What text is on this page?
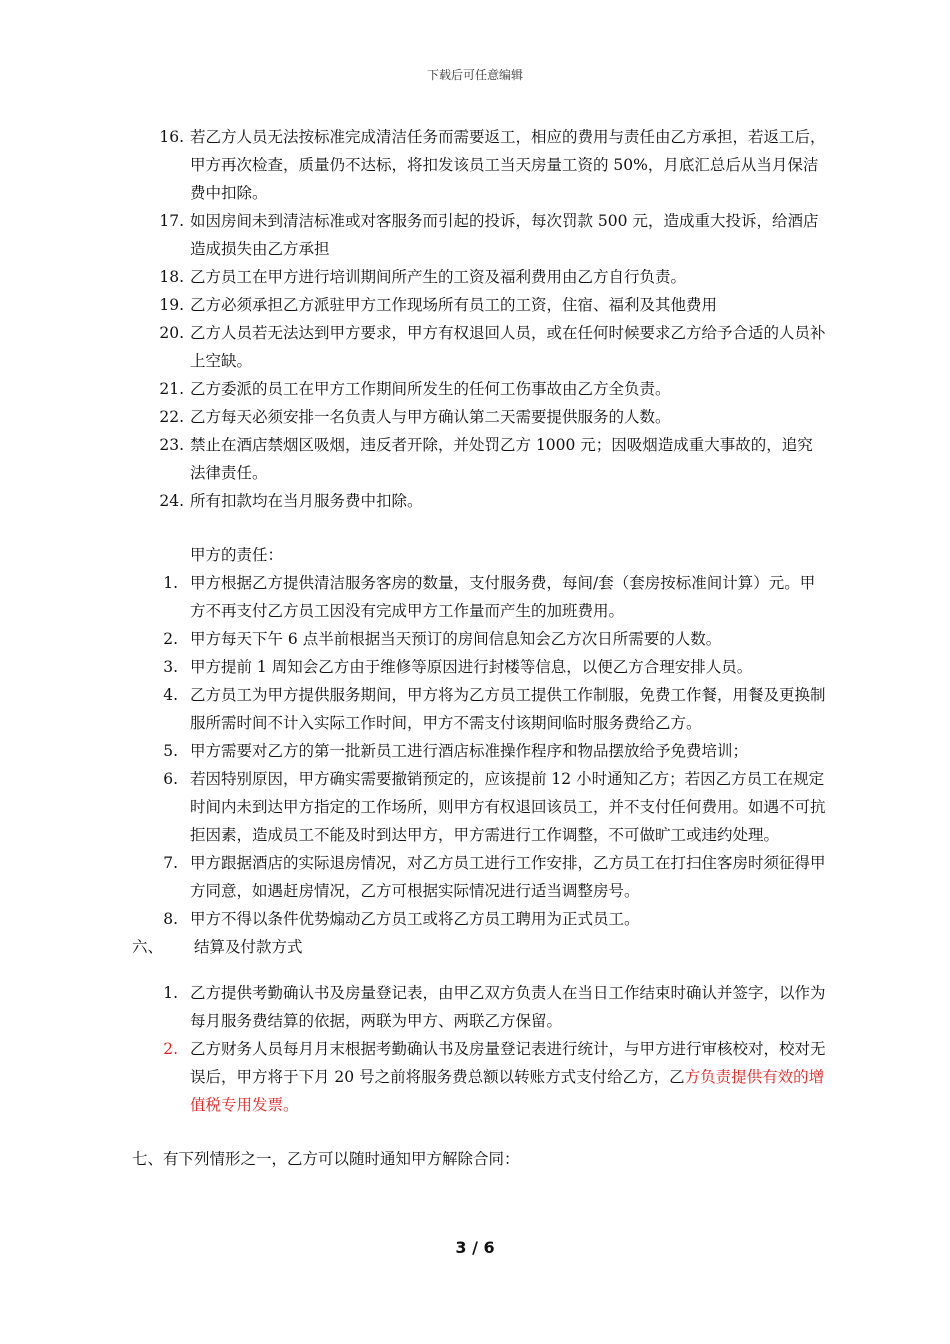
下载后可任意编辑
16. 若乙方人员无法按标准完成清洁任务而需要返工，相应的费用与责任由乙方承担，若返工后，甲方再次检查，质量仍不达标，将扣发该员工当天房量工资的 50%，月底汇总后从当月保洁费中扣除。
17. 如因房间未到清洁标准或对客服务而引起的投诉，每次罚款 500 元，造成重大投诉，给酒店造成损失由乙方承担
18. 乙方员工在甲方进行培训期间所产生的工资及福利费用由乙方自行负责。
19. 乙方必须承担乙方派驻甲方工作现场所有员工的工资，住宿、福利及其他费用
20. 乙方人员若无法达到甲方要求，甲方有权退回人员，或在任何时候要求乙方给予合适的人员补上空缺。
21. 乙方委派的员工在甲方工作期间所发生的任何工伤事故由乙方全负责。
22. 乙方每天必须安排一名负责人与甲方确认第二天需要提供服务的人数。
23. 禁止在酒店禁烟区吸烟，违反者开除，并处罚乙方 1000 元；因吸烟造成重大事故的，追究法律责任。
24. 所有扣款均在当月服务费中扣除。
甲方的责任：
1. 甲方根据乙方提供清洁服务客房的数量，支付服务费，每间/套（套房按标准间计算）元。甲方不再支付乙方员工因没有完成甲方工作量而产生的加班费用。
2. 甲方每天下午 6 点半前根据当天预订的房间信息知会乙方次日所需要的人数。
3. 甲方提前 1 周知会乙方由于维修等原因进行封楼等信息，以便乙方合理安排人员。
4. 乙方员工为甲方提供服务期间，甲方将为乙方员工提供工作制服，免费工作餐，用餐及更换制服所需时间不计入实际工作时间，甲方不需支付该期间临时服务费给乙方。
5. 甲方需要对乙方的第一批新员工进行酒店标准操作程序和物品摆放给予免费培训；
6. 若因特别原因，甲方确实需要撤销预定的，应该提前 12 小时通知乙方；若因乙方员工在规定时间内未到达甲方指定的工作场所，则甲方有权退回该员工，并不支付任何费用。如遇不可抗拒因素，造成员工不能及时到达甲方，甲方需进行工作调整，不可做旷工或违约处理。
7. 甲方跟据酒店的实际退房情况，对乙方员工进行工作安排，乙方员工在打扫住客房时须征得甲方同意，如遇赶房情况，乙方可根据实际情况进行适当调整房号。
8. 甲方不得以条件优势煽动乙方员工或将乙方员工聘用为正式员工。
六、 结算及付款方式
1. 乙方提供考勤确认书及房量登记表，由甲乙双方负责人在当日工作结束时确认并签字，以作为每月服务费结算的依据，两联为甲方、两联乙方保留。
2. 乙方财务人员每月月末根据考勤确认书及房量登记表进行统计，与甲方进行审核校对，校对无误后，甲方将于下月 20 号之前将服务费总额以转账方式支付给乙方，乙方负责提供有效的增值税专用发票。
七、有下列情形之一，乙方可以随时通知甲方解除合同：
3 / 6
